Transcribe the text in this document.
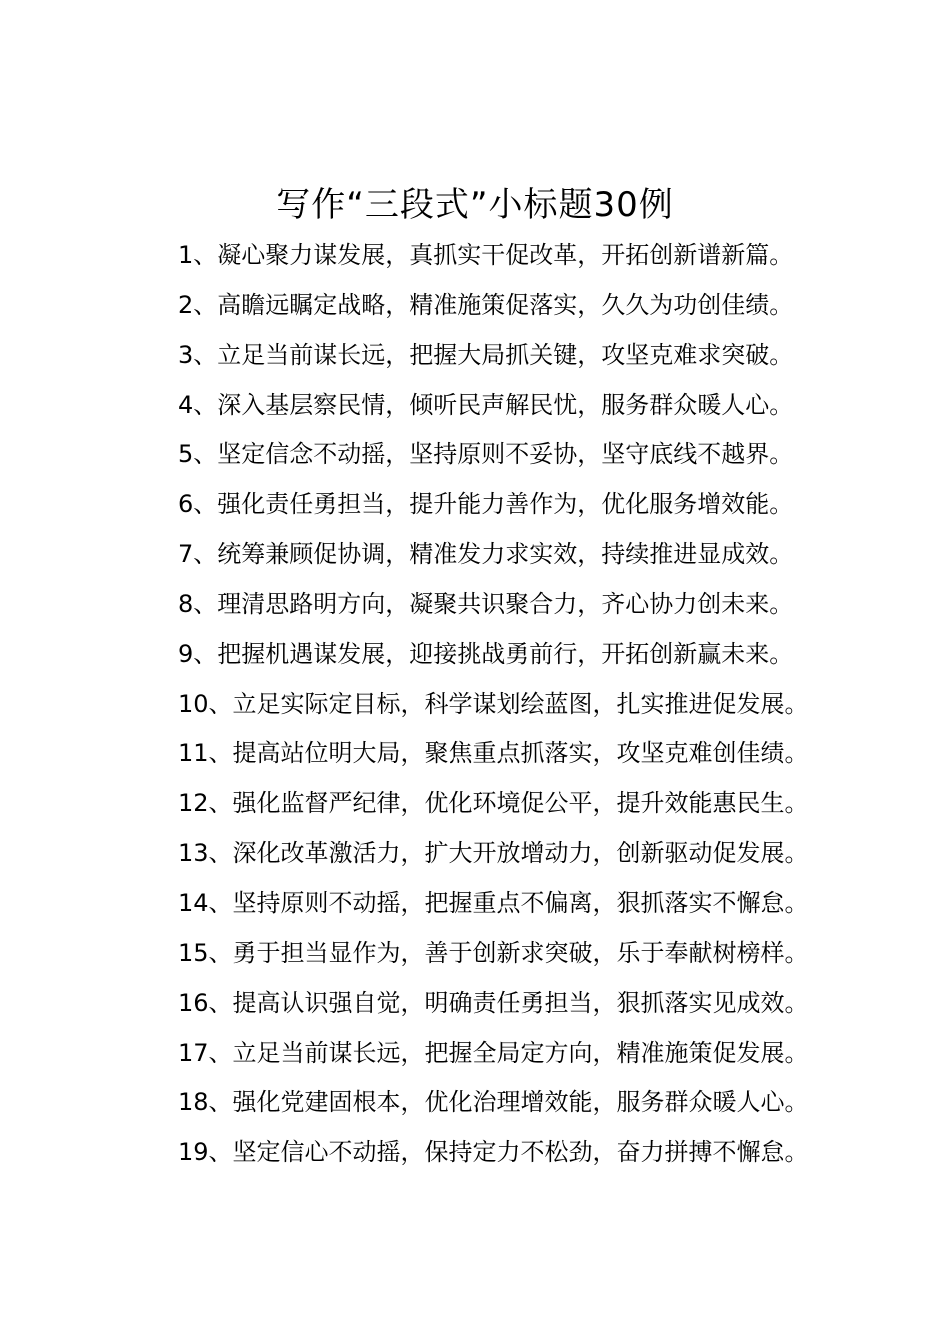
写作“三段式”小标题30例
1、凝心聚力谋发展，真抓实干促改革，开拓创新谱新篇。
2、高瞻远瞩定战略，精准施策促落实，久久为功创佳绩。
3、立足当前谋长远，把握大局抓关键，攻坚克难求突破。
4、深入基层察民情，倾听民声解民忧，服务群众暖人心。
5、坚定信念不动摇，坚持原则不妥协，坚守底线不越界。
6、强化责任勇担当，提升能力善作为，优化服务增效能。
7、统筹兼顾促协调，精准发力求实效，持续推进显成效。
8、理清思路明方向，凝聚共识聚合力，齐心协力创未来。
9、把握机遇谋发展，迎接挑战勇前行，开拓创新赢未来。
10、立足实际定目标，科学谋划绘蓝图，扎实推进促发展。
11、提高站位明大局，聚焦重点抓落实，攻坚克难创佳绩。
12、强化监督严纪律，优化环境促公平，提升效能惠民生。
13、深化改革激活力，扩大开放增动力，创新驱动促发展。
14、坚持原则不动摇，把握重点不偏离，狠抓落实不懈怠。
15、勇于担当显作为，善于创新求突破，乐于奉献树榜样。
16、提高认识强自觉，明确责任勇担当，狠抓落实见成效。
17、立足当前谋长远，把握全局定方向，精准施策促发展。
18、强化党建固根本，优化治理增效能，服务群众暖人心。
19、坚定信心不动摇，保持定力不松劲，奋力拼搏不懈怠。
